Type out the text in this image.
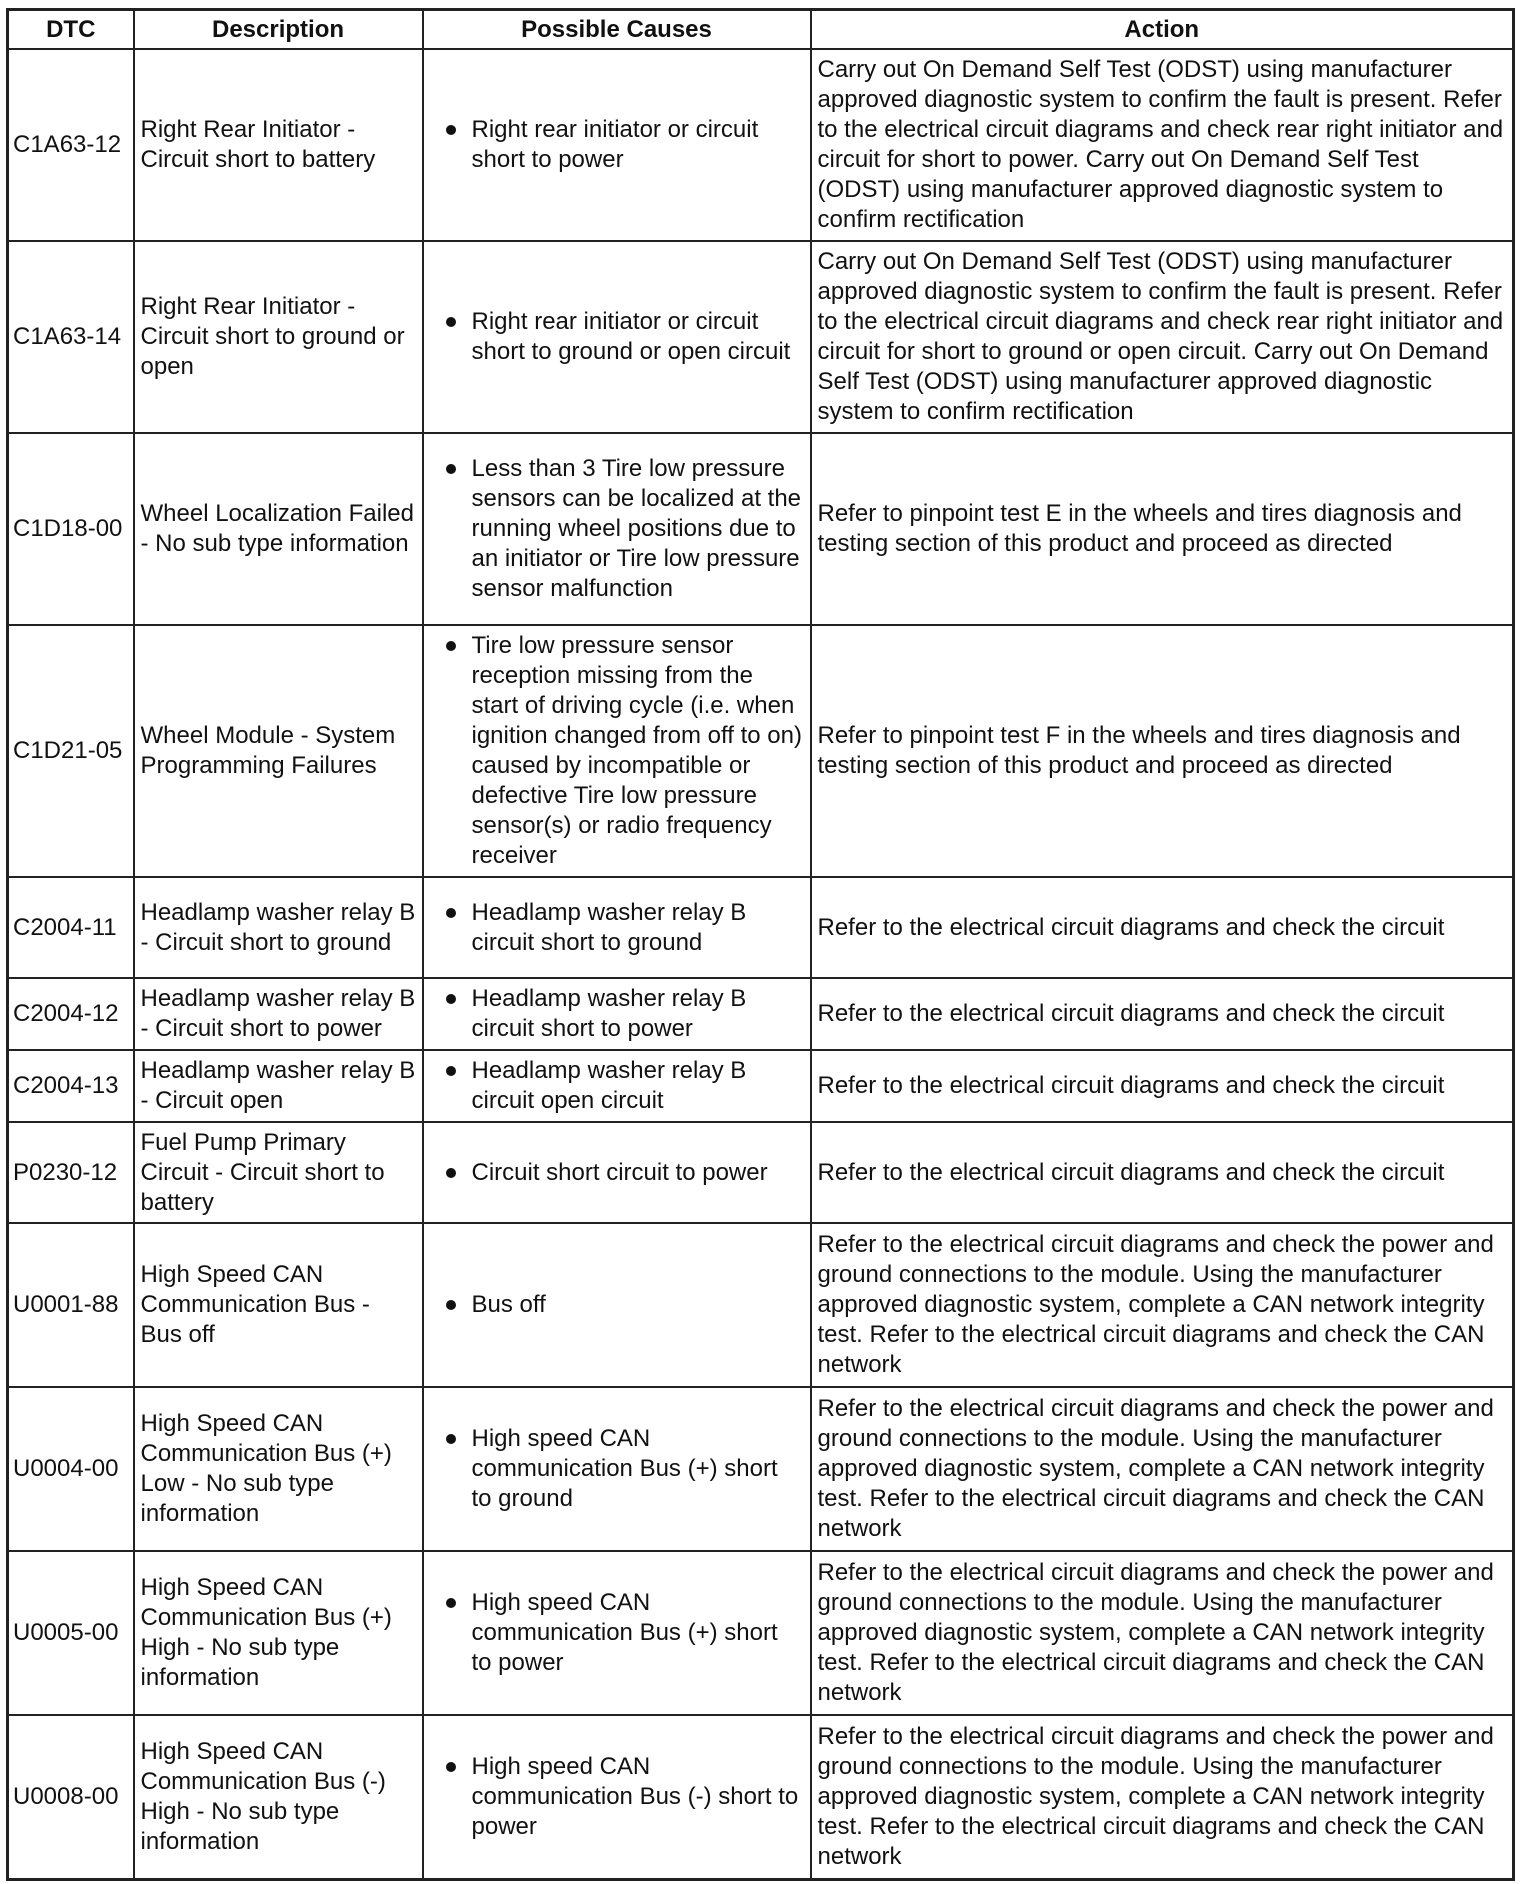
DTC	Description	Possible Causes	Action
C1A63-12	Right Rear Initiator - Circuit short to battery	Right rear initiator or circuit short to power	Carry out On Demand Self Test (ODST) using manufacturer approved diagnostic system to confirm the fault is present. Refer to the electrical circuit diagrams and check rear right initiator and circuit for short to power. Carry out On Demand Self Test (ODST) using manufacturer approved diagnostic system to confirm rectification
C1A63-14	Right Rear Initiator - Circuit short to ground or open	Right rear initiator or circuit short to ground or open circuit	Carry out On Demand Self Test (ODST) using manufacturer approved diagnostic system to confirm the fault is present. Refer to the electrical circuit diagrams and check rear right initiator and circuit for short to ground or open circuit. Carry out On Demand Self Test (ODST) using manufacturer approved diagnostic system to confirm rectification
C1D18-00	Wheel Localization Failed - No sub type information	Less than 3 Tire low pressure sensors can be localized at the running wheel positions due to an initiator or Tire low pressure sensor malfunction	Refer to pinpoint test E in the wheels and tires diagnosis and testing section of this product and proceed as directed
C1D21-05	Wheel Module - System Programming Failures	Tire low pressure sensor reception missing from the start of driving cycle (i.e. when ignition changed from off to on) caused by incompatible or defective Tire low pressure sensor(s) or radio frequency receiver	Refer to pinpoint test F in the wheels and tires diagnosis and testing section of this product and proceed as directed
C2004-11	Headlamp washer relay B - Circuit short to ground	Headlamp washer relay B circuit short to ground	Refer to the electrical circuit diagrams and check the circuit
C2004-12	Headlamp washer relay B - Circuit short to power	Headlamp washer relay B circuit short to power	Refer to the electrical circuit diagrams and check the circuit
C2004-13	Headlamp washer relay B - Circuit open	Headlamp washer relay B circuit open circuit	Refer to the electrical circuit diagrams and check the circuit
P0230-12	Fuel Pump Primary Circuit - Circuit short to battery	Circuit short circuit to power	Refer to the electrical circuit diagrams and check the circuit
U0001-88	High Speed CAN Communication Bus - Bus off	Bus off	Refer to the electrical circuit diagrams and check the power and ground connections to the module. Using the manufacturer approved diagnostic system, complete a CAN network integrity test. Refer to the electrical circuit diagrams and check the CAN network
U0004-00	High Speed CAN Communication Bus (+) Low - No sub type information	High speed CAN communication Bus (+) short to ground	Refer to the electrical circuit diagrams and check the power and ground connections to the module. Using the manufacturer approved diagnostic system, complete a CAN network integrity test. Refer to the electrical circuit diagrams and check the CAN network
U0005-00	High Speed CAN Communication Bus (+) High - No sub type information	High speed CAN communication Bus (+) short to power	Refer to the electrical circuit diagrams and check the power and ground connections to the module. Using the manufacturer approved diagnostic system, complete a CAN network integrity test. Refer to the electrical circuit diagrams and check the CAN network
U0008-00	High Speed CAN Communication Bus (-) High - No sub type information	High speed CAN communication Bus (-) short to power	Refer to the electrical circuit diagrams and check the power and ground connections to the module. Using the manufacturer approved diagnostic system, complete a CAN network integrity test. Refer to the electrical circuit diagrams and check the CAN network
